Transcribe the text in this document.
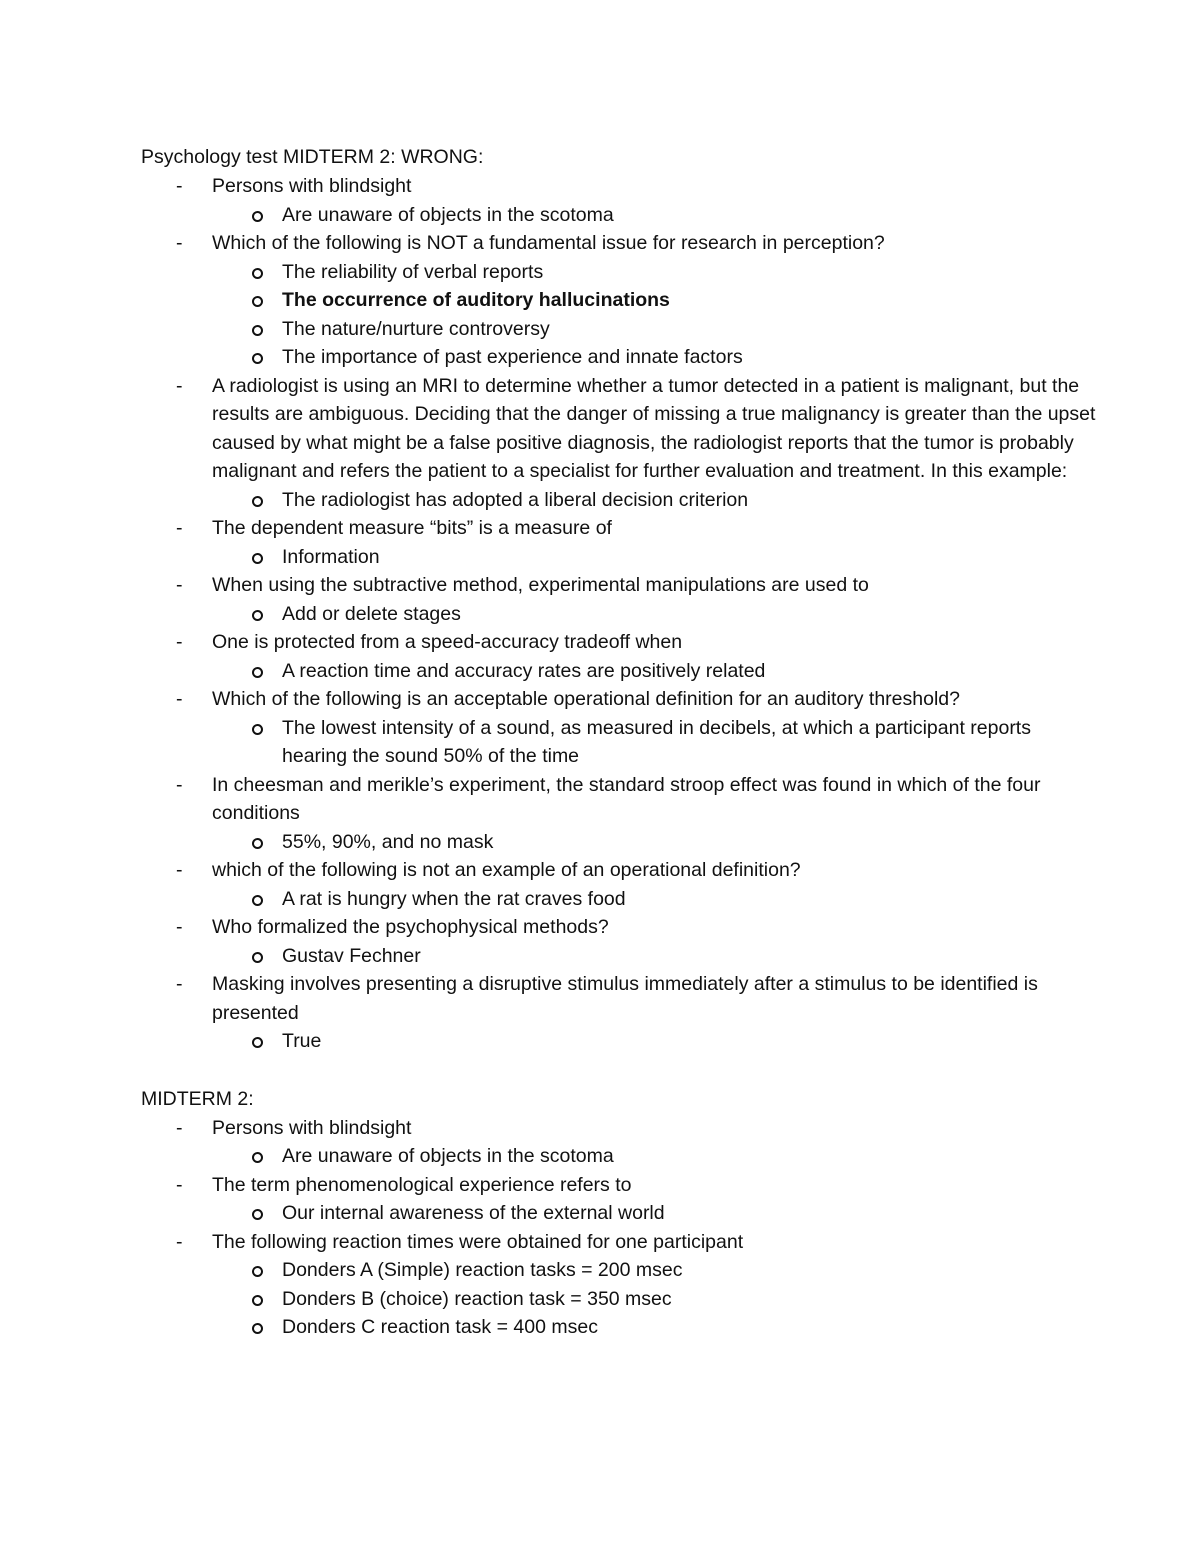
Psychology test MIDTERM 2: WRONG:
- Persons with blindsight
Are unaware of objects in the scotoma
- Which of the following is NOT a fundamental issue for research in perception?
The reliability of verbal reports
The occurrence of auditory hallucinations
The nature/nurture controversy
The importance of past experience and innate factors
- A radiologist is using an MRI to determine whether a tumor detected in a patient is malignant, but the results are ambiguous. Deciding that the danger of missing a true malignancy is greater than the upset caused by what might be a false positive diagnosis, the radiologist reports that the tumor is probably malignant and refers the patient to a specialist for further evaluation and treatment. In this example:
The radiologist has adopted a liberal decision criterion
- The dependent measure “bits” is a measure of
Information
- When using the subtractive method, experimental manipulations are used to
Add or delete stages
- One is protected from a speed-accuracy tradeoff when
A reaction time and accuracy rates are positively related
- Which of the following is an acceptable operational definition for an auditory threshold?
The lowest intensity of a sound, as measured in decibels, at which a participant reports hearing the sound 50% of the time
- In cheesman and merikle’s experiment, the standard stroop effect was found in which of the four conditions
55%, 90%, and no mask
- which of the following is not an example of an operational definition?
A rat is hungry when the rat craves food
- Who formalized the psychophysical methods?
Gustav Fechner
- Masking involves presenting a disruptive stimulus immediately after a stimulus to be identified is presented
True
MIDTERM 2:
- Persons with blindsight
Are unaware of objects in the scotoma
- The term phenomenological experience refers to
Our internal awareness of the external world
- The following reaction times were obtained for one participant
Donders A (Simple) reaction tasks = 200 msec
Donders B (choice) reaction task = 350 msec
Donders C reaction task = 400 msec
